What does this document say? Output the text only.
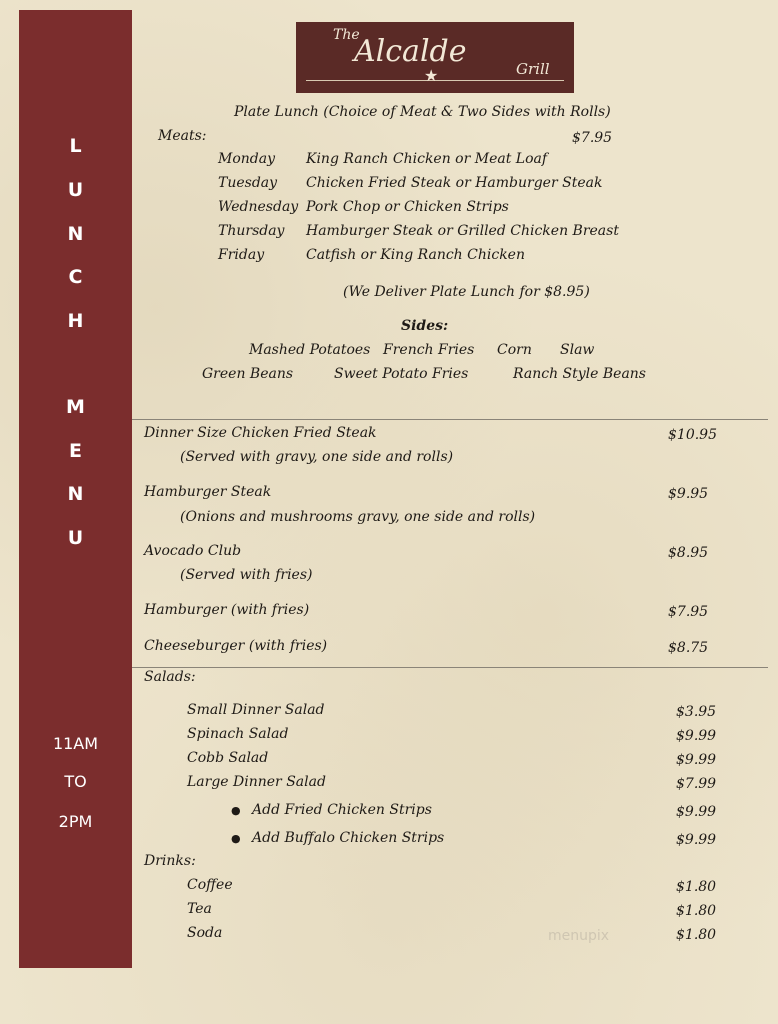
L
U
N
C
H
M
E
N
U
11AM
TO
2PM
The
Alcalde	Grill
★
Plate Lunch (Choice of Meat & Two Sides with Rolls)
Meats:	$7.95
Monday King Ranch Chicken or Meat Loaf
Tuesday Chicken Fried Steak or Hamburger Steak
Wednesday Pork Chop or Chicken Strips
Thursday Hamburger Steak or Grilled Chicken Breast
Friday	Catfish or King Ranch Chicken
(We Deliver Plate Lunch for $8.95)
Sides:
Mashed Potatoes French Fries Corn Slaw
Green Beans	Sweet Potato Fries	Ranch Style Beans
Dinner Size Chicken Fried Steak	$10.95
(Served with gravy, one side and rolls)
Hamburger Steak	$9.95
(Onions and mushrooms gravy, one side and rolls)
Avocado Club	$8.95
(Served with fries)
Hamburger (with fries)	$7.95
Cheeseburger (with fries)	$8.75
Salads:
Small Dinner Salad	$3.95
Spinach Salad	$9.99
Cobb Salad	$9.99
Large Dinner Salad	$7.99
● Add Fried Chicken Strips	$9.99
● Add Buffalo Chicken Strips	$9.99
Drinks:
Coffee	$1.80
Tea	$1.80
Soda	$1.80
menupix
